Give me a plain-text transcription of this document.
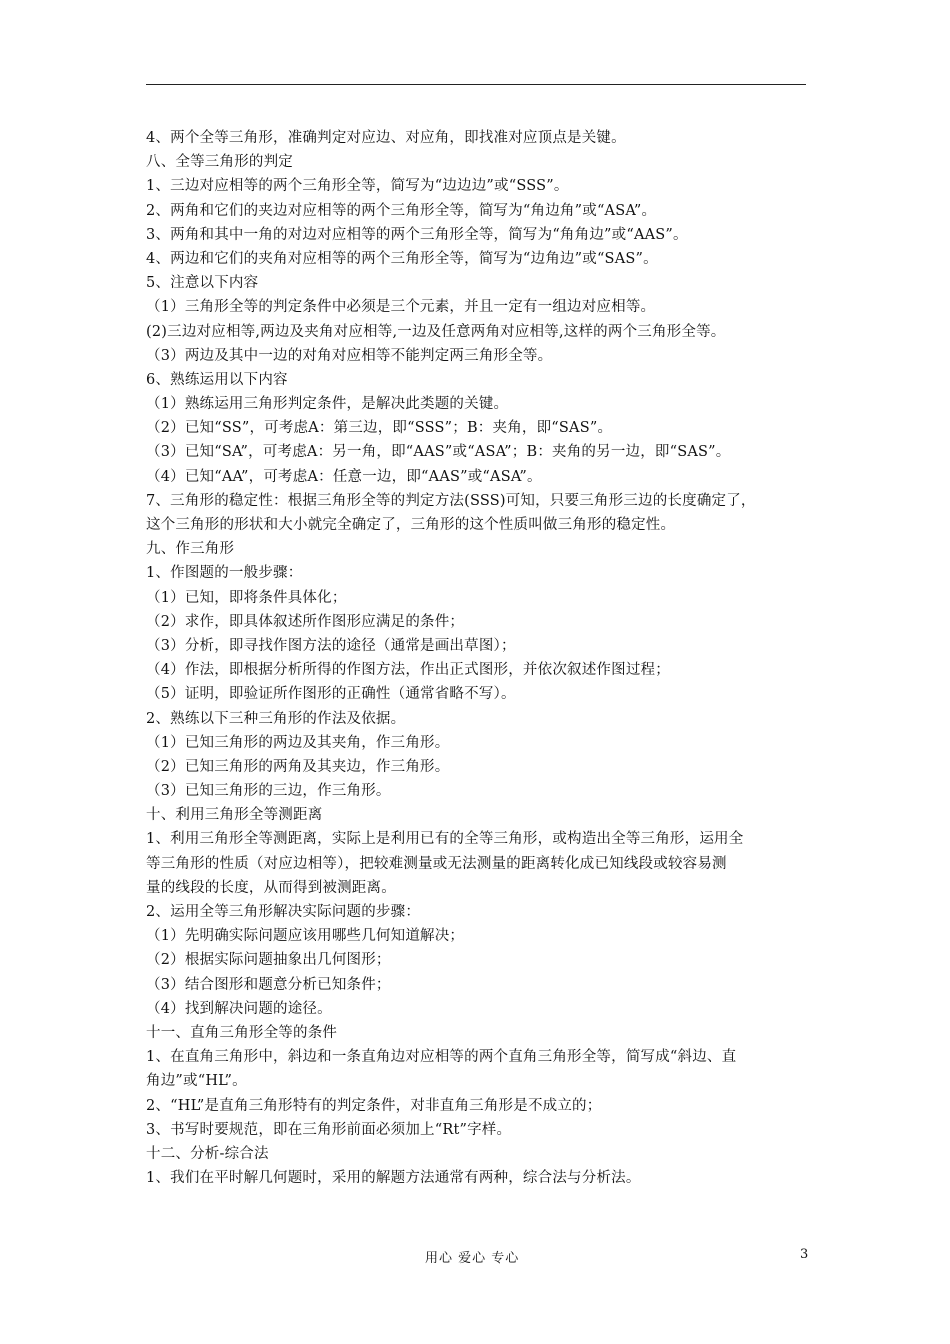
4、两个全等三角形，准确判定对应边、对应角，即找准对应顶点是关键。
八、全等三角形的判定
1、三边对应相等的两个三角形全等，简写为“边边边”或“SSS”。
2、两角和它们的夹边对应相等的两个三角形全等，简写为“角边角”或“ASA”。
3、两角和其中一角的对边对应相等的两个三角形全等，简写为“角角边”或“AAS”。
4、两边和它们的夹角对应相等的两个三角形全等，简写为“边角边”或“SAS”。
5、注意以下内容
（1）三角形全等的判定条件中必须是三个元素，并且一定有一组边对应相等。
(2)三边对应相等,两边及夹角对应相等,一边及任意两角对应相等,这样的两个三角形全等。
（3）两边及其中一边的对角对应相等不能判定两三角形全等。
6、熟练运用以下内容
（1）熟练运用三角形判定条件，是解决此类题的关键。
（2）已知“SS”，可考虑A：第三边，即“SSS”；B：夹角，即“SAS”。
（3）已知“SA”，可考虑A：另一角，即“AAS”或“ASA”；B：夹角的另一边，即“SAS”。
（4）已知“AA”，可考虑A：任意一边，即“AAS”或“ASA”。
7、三角形的稳定性：根据三角形全等的判定方法(SSS)可知，只要三角形三边的长度确定了，
这个三角形的形状和大小就完全确定了，三角形的这个性质叫做三角形的稳定性。
九、作三角形
1、作图题的一般步骤：
（1）已知，即将条件具体化；
（2）求作，即具体叙述所作图形应满足的条件；
（3）分析，即寻找作图方法的途径（通常是画出草图）；
（4）作法，即根据分析所得的作图方法，作出正式图形，并依次叙述作图过程；
（5）证明，即验证所作图形的正确性（通常省略不写）。
2、熟练以下三种三角形的作法及依据。
（1）已知三角形的两边及其夹角，作三角形。
（2）已知三角形的两角及其夹边，作三角形。
（3）已知三角形的三边，作三角形。
十、利用三角形全等测距离
1、利用三角形全等测距离，实际上是利用已有的全等三角形，或构造出全等三角形，运用全
等三角形的性质（对应边相等），把较难测量或无法测量的距离转化成已知线段或较容易测
量的线段的长度，从而得到被测距离。
2、运用全等三角形解决实际问题的步骤：
（1）先明确实际问题应该用哪些几何知道解决；
（2）根据实际问题抽象出几何图形；
（3）结合图形和题意分析已知条件；
（4）找到解决问题的途径。
十一、直角三角形全等的条件
1、在直角三角形中，斜边和一条直角边对应相等的两个直角三角形全等，简写成“斜边、直
角边”或“HL”。
2、“HL”是直角三角形特有的判定条件，对非直角三角形是不成立的；
3、书写时要规范，即在三角形前面必须加上“Rt”字样。
十二、分析-综合法
1、我们在平时解几何题时，采用的解题方法通常有两种，综合法与分析法。
用心 爱心 专心	3
